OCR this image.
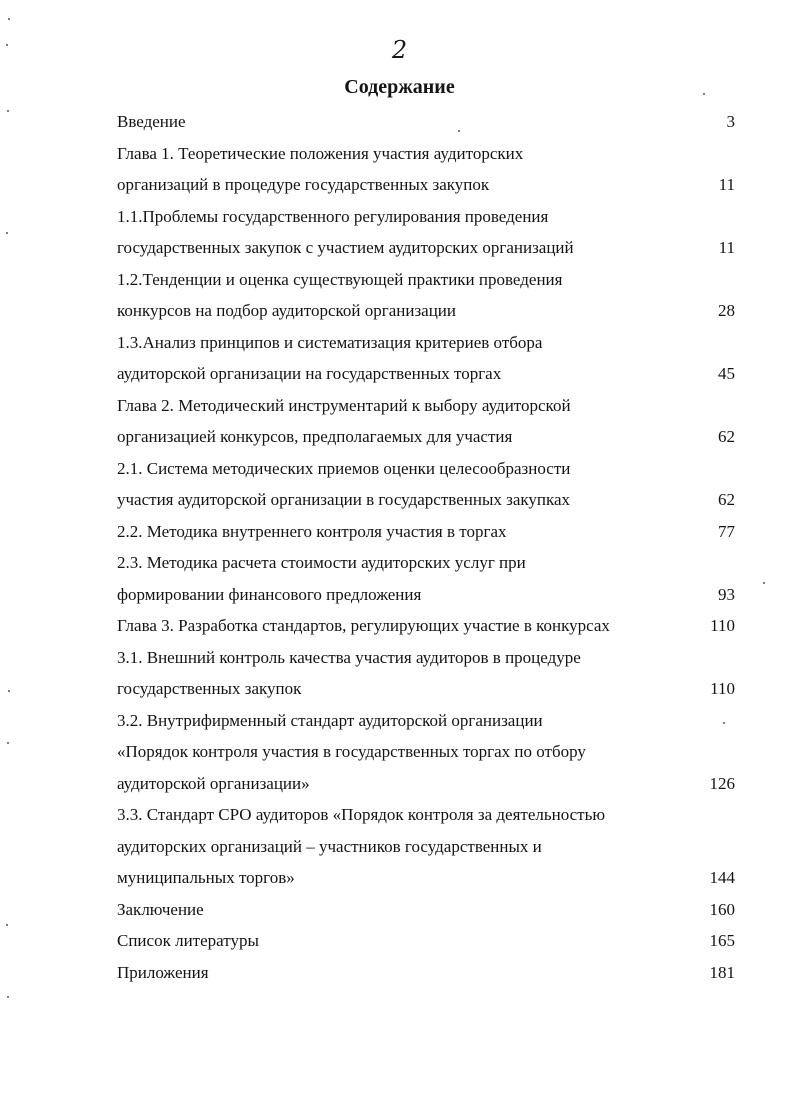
2
Содержание
Введение	3
Глава 1. Теоретические положения участия аудиторских
организаций в процедуре государственных закупок	11
1.1.Проблемы государственного регулирования проведения
государственных закупок с участием аудиторских организаций	11
1.2.Тенденции и оценка существующей практики проведения
конкурсов на подбор аудиторской организации	28
1.3.Анализ принципов и систематизация критериев отбора
аудиторской организации на государственных торгах	45
Глава 2. Методический инструментарий к выбору аудиторской
организацией конкурсов, предполагаемых для участия	62
2.1. Система методических приемов оценки целесообразности
участия аудиторской организации в государственных закупках	62
2.2. Методика внутреннего контроля участия в торгах	77
2.3. Методика расчета стоимости аудиторских услуг при
формировании финансового предложения	93
Глава 3. Разработка стандартов, регулирующих участие в конкурсах	110
3.1. Внешний контроль качества участия аудиторов в процедуре
государственных закупок	110
3.2. Внутрифирменный стандарт аудиторской организации
«Порядок контроля участия в государственных торгах по отбору
аудиторской организации»	126
3.3. Стандарт СРО аудиторов «Порядок контроля за деятельностью
аудиторских организаций – участников государственных и
муниципальных торгов»	144
Заключение	160
Список литературы	165
Приложения	181
